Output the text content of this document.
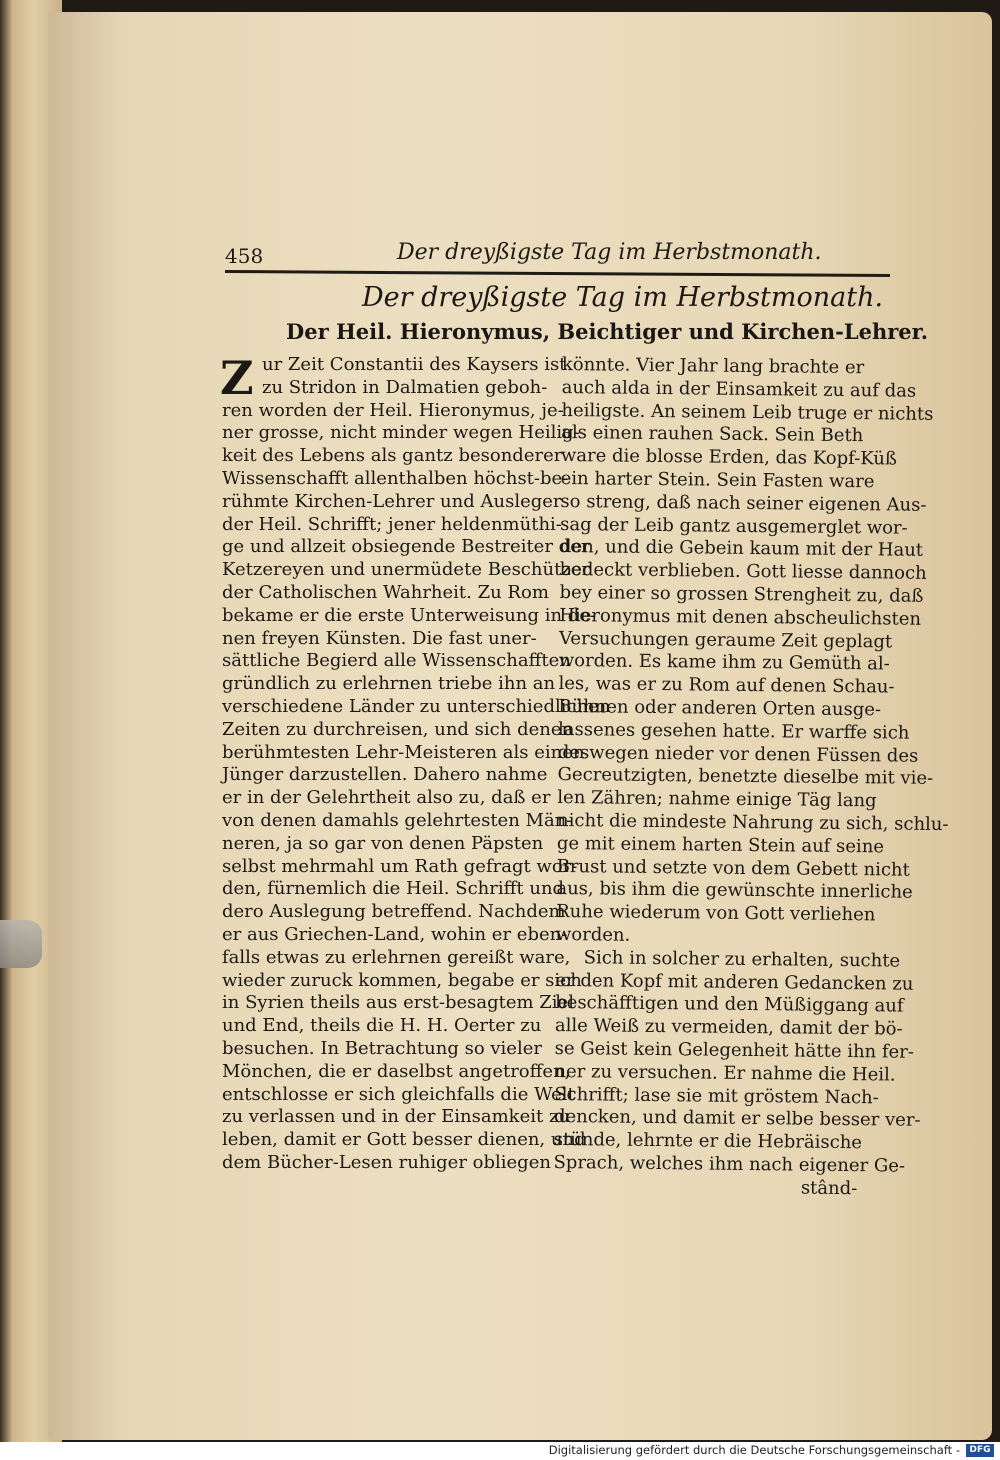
458	Der dreyßigste Tag im Herbstmonath.
Der dreyßigste Tag im Herbstmonath.
Der Heil. Hieronymus, Beichtiger und Kirchen-Lehrer.
Z ur Zeit Constantii des Kaysers ist
zu Stridon in Dalmatien geboh-
ren worden der Heil. Hieronymus, je-
ner grosse, nicht minder wegen Heilig-
keit des Lebens als gantz besonderer
Wissenschafft allenthalben höchst-be-
rühmte Kirchen-Lehrer und Ausleger
der Heil. Schrifft; jener heldenmüthi-
ge und allzeit obsiegende Bestreiter der
Ketzereyen und unermüdete Beschützer
der Catholischen Wahrheit. Zu Rom
bekame er die erste Unterweisung in de-
nen freyen Künsten. Die fast uner-
sättliche Begierd alle Wissenschafften
gründlich zu erlehrnen triebe ihn an
verschiedene Länder zu unterschiedlichen
Zeiten zu durchreisen, und sich denen
berühmtesten Lehr-Meisteren als einen
Jünger darzustellen. Dahero nahme
er in der Gelehrtheit also zu, daß er
von denen damahls gelehrtesten Män-
neren, ja so gar von denen Päpsten
selbst mehrmahl um Rath gefragt wor-
den, fürnemlich die Heil. Schrifft und
dero Auslegung betreffend. Nachdem
er aus Griechen-Land, wohin er eben-
falls etwas zu erlehrnen gereißt ware,
wieder zuruck kommen, begabe er sich
in Syrien theils aus erst-besagtem Ziel
und End, theils die H. H. Oerter zu
besuchen. In Betrachtung so vieler
Mönchen, die er daselbst angetroffen,
entschlosse er sich gleichfalls die Welt
zu verlassen und in der Einsamkeit zu
leben, damit er Gott besser dienen, und
dem Bücher-Lesen ruhiger obliegen
könnte. Vier Jahr lang brachte er
auch alda in der Einsamkeit zu auf das
heiligste. An seinem Leib truge er nichts
als einen rauhen Sack. Sein Beth
ware die blosse Erden, das Kopf-Küß
ein harter Stein. Sein Fasten ware
so streng, daß nach seiner eigenen Aus-
sag der Leib gantz ausgemerglet wor-
den, und die Gebein kaum mit der Haut
bedeckt verblieben. Gott liesse dannoch
bey einer so grossen Strengheit zu, daß
Hieronymus mit denen abscheulichsten
Versuchungen geraume Zeit geplagt
worden. Es kame ihm zu Gemüth al-
les, was er zu Rom auf denen Schau-
Bühnen oder anderen Orten ausge-
lassenes gesehen hatte. Er warffe sich
deswegen nieder vor denen Füssen des
Gecreutzigten, benetzte dieselbe mit vie-
len Zähren; nahme einige Täg lang
nicht die mindeste Nahrung zu sich, schlu-
ge mit einem harten Stein auf seine
Brust und setzte von dem Gebett nicht
aus, bis ihm die gewünschte innerliche
Ruhe wiederum von Gott verliehen
worden.
Sich in solcher zu erhalten, suchte
er den Kopf mit anderen Gedancken zu
beschäfftigen und den Müßiggang auf
alle Weiß zu vermeiden, damit der bö-
se Geist kein Gelegenheit hätte ihn fer-
ner zu versuchen. Er nahme die Heil.
Schrifft; lase sie mit gröstem Nach-
dencken, und damit er selbe besser ver-
stünde, lehrnte er die Hebräische
Sprach, welches ihm nach eigener Ge-
stând-
Digitalisierung gefördert durch die Deutsche Forschungsgemeinschaft -	DFG
